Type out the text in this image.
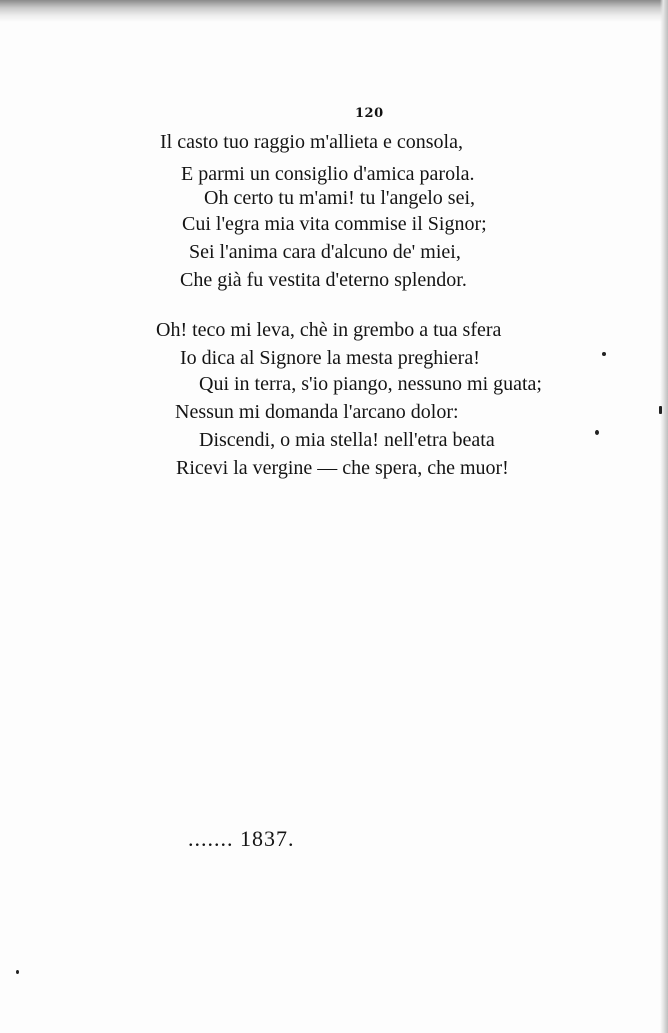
120
Il casto tuo raggio m'allieta e consola,
E parmi un consiglio d'amica parola.
Oh certo tu m'ami! tu l'angelo sei,
Cui l'egra mia vita commise il Signor;
Sei l'anima cara d'alcuno de' miei,
Che già fu vestita d'eterno splendor.
Oh! teco mi leva, chè in grembo a tua sfera
Io dica al Signore la mesta preghiera!
Qui in terra, s'io piango, nessuno mi guata;
Nessun mi domanda l'arcano dolor:
Discendi, o mia stella! nell'etra beata
Ricevi la vergine — che spera, che muor!
....... 1837.
